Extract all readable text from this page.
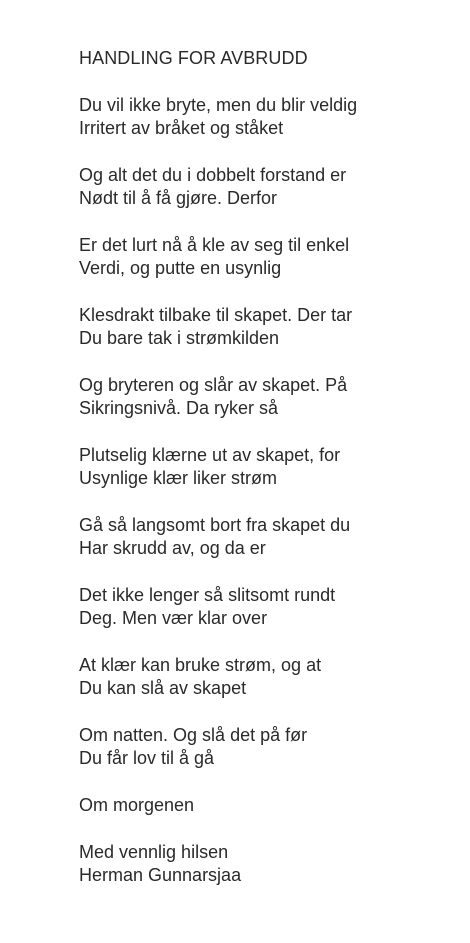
HANDLING FOR AVBRUDD
Du vil ikke bryte, men du blir veldig
Irritert av bråket og ståket
Og alt det du i dobbelt forstand er
Nødt til å få gjøre. Derfor
Er det lurt nå å kle av seg til enkel
Verdi, og putte en usynlig
Klesdrakt tilbake til skapet. Der tar
Du bare tak i strømkilden
Og bryteren og slår av skapet. På
Sikringsnivå. Da ryker så
Plutselig klærne ut av skapet, for
Usynlige klær liker strøm
Gå så langsomt bort fra skapet du
Har skrudd av, og da er
Det ikke lenger så slitsomt rundt
Deg. Men vær klar over
At klær kan bruke strøm, og at
Du kan slå av skapet
Om natten. Og slå det på før
Du får lov til å gå
Om morgenen
Med vennlig hilsen
Herman Gunnarsjaa
